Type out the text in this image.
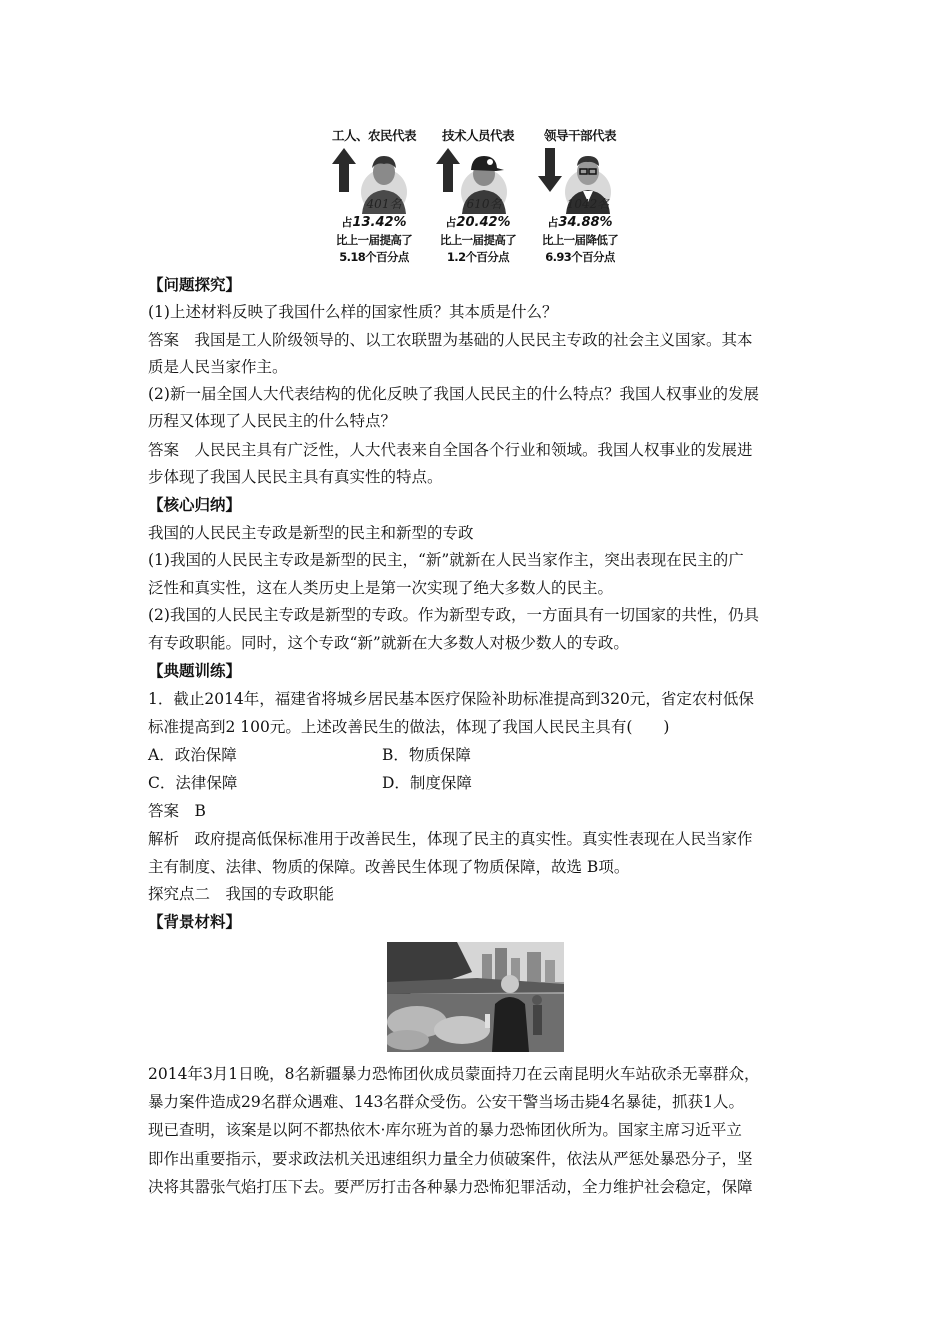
工人、农民代表
401名
占13.42%
比上一届提高了
5.18个百分点
技术人员代表
610名
占20.42%
比上一届提高了
1.2个百分点
领导干部代表
1042名
占34.88%
比上一届降低了
6.93个百分点
【问题探究】
(1)上述材料反映了我国什么样的国家性质？其本质是什么？
答案　我国是工人阶级领导的、以工农联盟为基础的人民民主专政的社会主义国家。其本
质是人民当家作主。
(2)新一届全国人大代表结构的优化反映了我国人民民主的什么特点？我国人权事业的发展
历程又体现了人民民主的什么特点？
答案　人民民主具有广泛性，人大代表来自全国各个行业和领域。我国人权事业的发展进
步体现了我国人民民主具有真实性的特点。
【核心归纳】
我国的人民民主专政是新型的民主和新型的专政
(1)我国的人民民主专政是新型的民主，“新”就新在人民当家作主，突出表现在民主的广
泛性和真实性，这在人类历史上是第一次实现了绝大多数人的民主。
(2)我国的人民民主专政是新型的专政。作为新型专政，一方面具有一切国家的共性，仍具
有专政职能。同时，这个专政“新”就新在大多数人对极少数人的专政。
【典题训练】
1．截止2014年，福建省将城乡居民基本医疗保险补助标准提高到320元，省定农村低保
标准提高到2 100元。上述改善民生的做法，体现了我国人民民主具有(　　)
A．政治保障	B．物质保障
C．法律保障	D．制度保障
答案　B
解析　政府提高低保标准用于改善民生，体现了民主的真实性。真实性表现在人民当家作
主有制度、法律、物质的保障。改善民生体现了物质保障，故选 B项。
探究点二　我国的专政职能
【背景材料】
2014年3月1日晚，8名新疆暴力恐怖团伙成员蒙面持刀在云南昆明火车站砍杀无辜群众，
暴力案件造成29名群众遇难、143名群众受伤。公安干警当场击毙4名暴徒，抓获1人。
现已查明，该案是以阿不都热依木·库尔班为首的暴力恐怖团伙所为。国家主席习近平立
即作出重要指示，要求政法机关迅速组织力量全力侦破案件，依法从严惩处暴恐分子，坚
决将其嚣张气焰打压下去。要严厉打击各种暴力恐怖犯罪活动，全力维护社会稳定，保障
